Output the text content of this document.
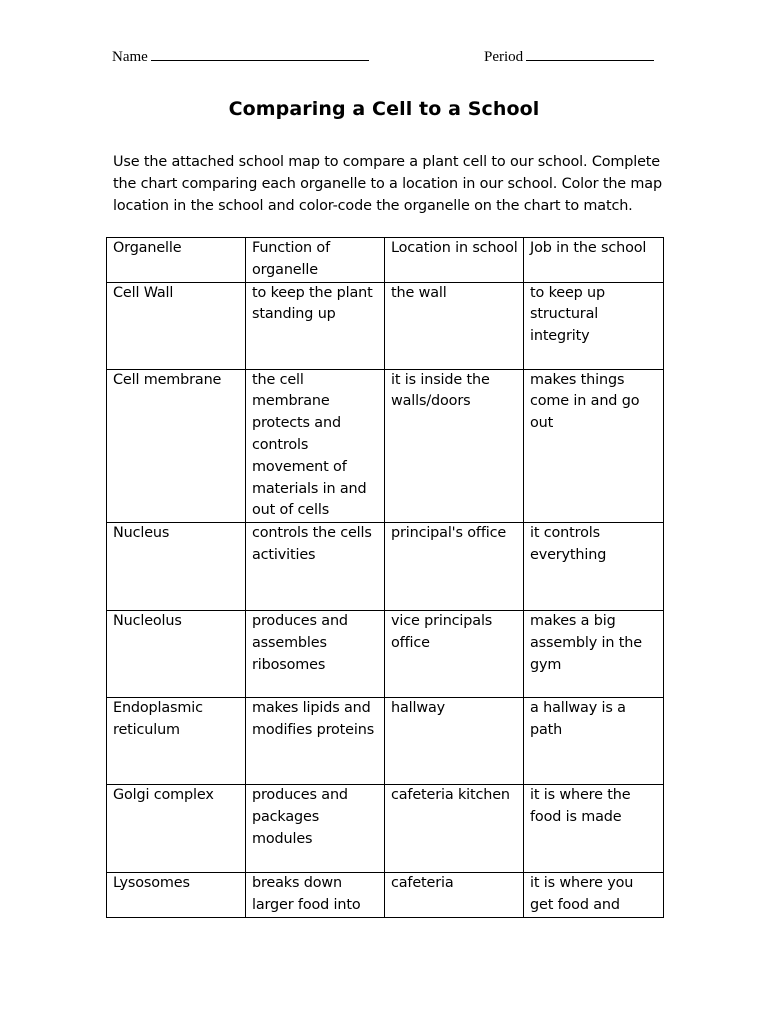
Name	Period
Comparing a Cell to a School
Use the attached school map to compare a plant cell to our school. Complete
the chart comparing each organelle to a location in our school. Color the map
location in the school and color-code the organelle on the chart to match.
Organelle	Function of organelle	Location in school	Job in the school
Cell Wall	to keep the plant standing up	the wall	to keep up structural integrity
Cell membrane	the cell membrane protects and controls movement of materials in and out of cells	it is inside the walls/doors	makes things come in and go out
Nucleus	controls the cells activities	principal's office	it controls everything
Nucleolus	produces and assembles ribosomes	vice principals office	makes a big assembly in the gym
Endoplasmic reticulum	makes lipids and modifies proteins	hallway	a hallway is a path
Golgi complex	produces and packages modules	cafeteria kitchen	it is where the food is made
Lysosomes	breaks down larger food into	cafeteria	it is where you get food and
